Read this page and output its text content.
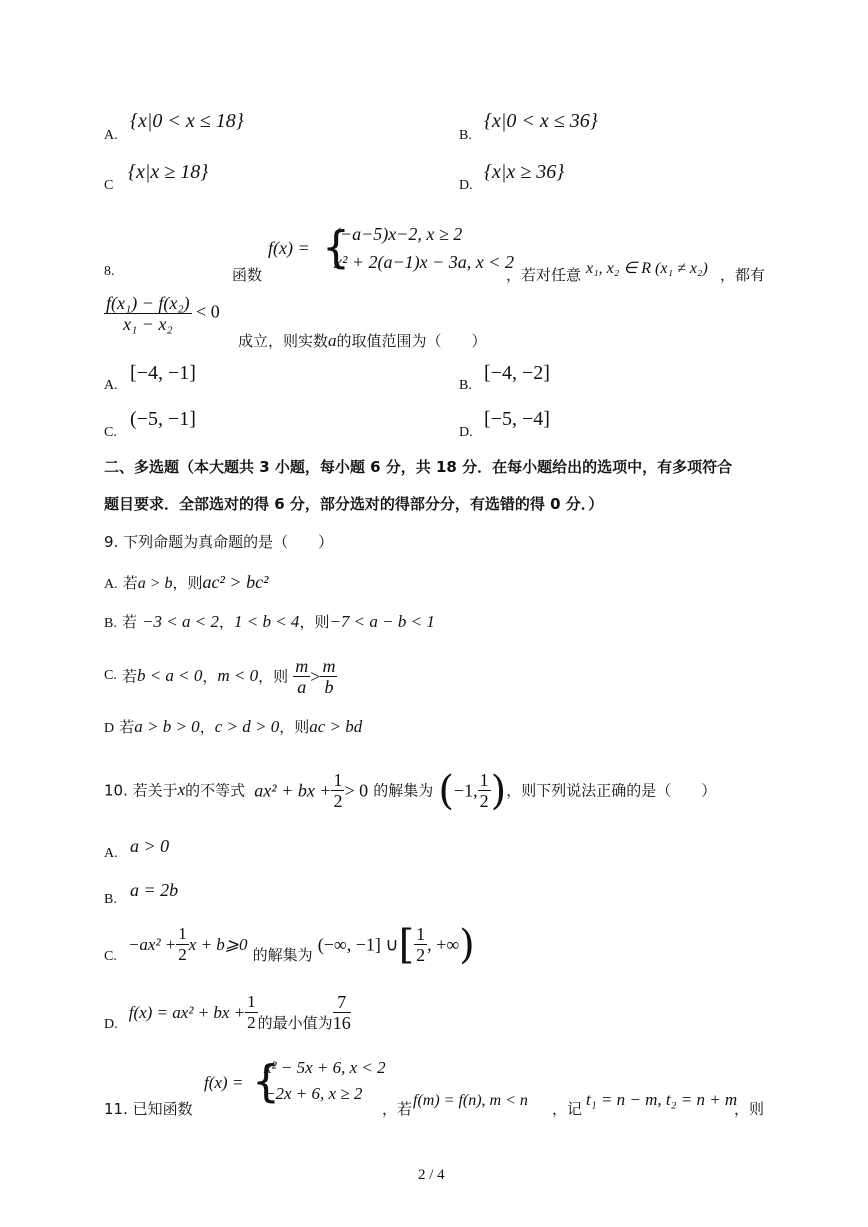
A.
{x|0 < x ≤ 18}
B.
{x|0 < x ≤ 36}
C
{x|x ≥ 18}
D.
{x|x ≥ 36}
8.	函数
f(x) = {
(−a−5)x−2, x ≥ 2
x² + 2(a−1)x − 3a, x < 2
，若对任意 x₁, x₂ ∈ R (x₁ ≠ x₂) ，都有
$\frac{\text{f(x₁) − f(x₂)}}{\text{x₁ − x₂}} < 0$
成立，则实数a的取值范围为（　　）
A.
[−4, −1]
B.
[−4, −2]
C.
(−5, −1]
D.
[−5, −4]
二、多选题（本大题共 3 小题，每小题 6 分，共 18 分．在每小题给出的选项中，有多项符合
题目要求．全部选对的得 6 分，部分选对的得部分分，有选错的得 0 分．）
9. 下列命题为真命题的是（　　）
A. 若a > b，则ac² > bc²
B. 若 −3 < a < 2，1 < b < 4，则−7 < a − b < 1
C. 若b < a < 0，m < 0，则 $\frac{m}{a} > \frac{m}{b}$
D 若a > b > 0，c > d > 0，则ac > bd
10. 若关于x的不等式 ax² + bx + $\frac{1}{2} > 0$ 的解集为 (−1, $\frac{1}{2}$ )，则下列说法正确的是（　　）
A. a > 0
B. a = 2b
C. $-ax^2 + \frac{1}{2}$ x + b⩾0 的解集为 (−∞, −1] ∪[ $\frac{1}{2}$ , +∞)
D. f(x) = ax² + bx + $\frac{1}{2}$ 的最小值为 $\frac{7}{16}$
11. 已知函数
f(x) = {
x² − 5x + 6, x < 2
−2x + 6, x ≥ 2
，若 f(m) = f(n), m < n ，记 t₁ = n − m, t₂ = n + m
，则
2 / 4
